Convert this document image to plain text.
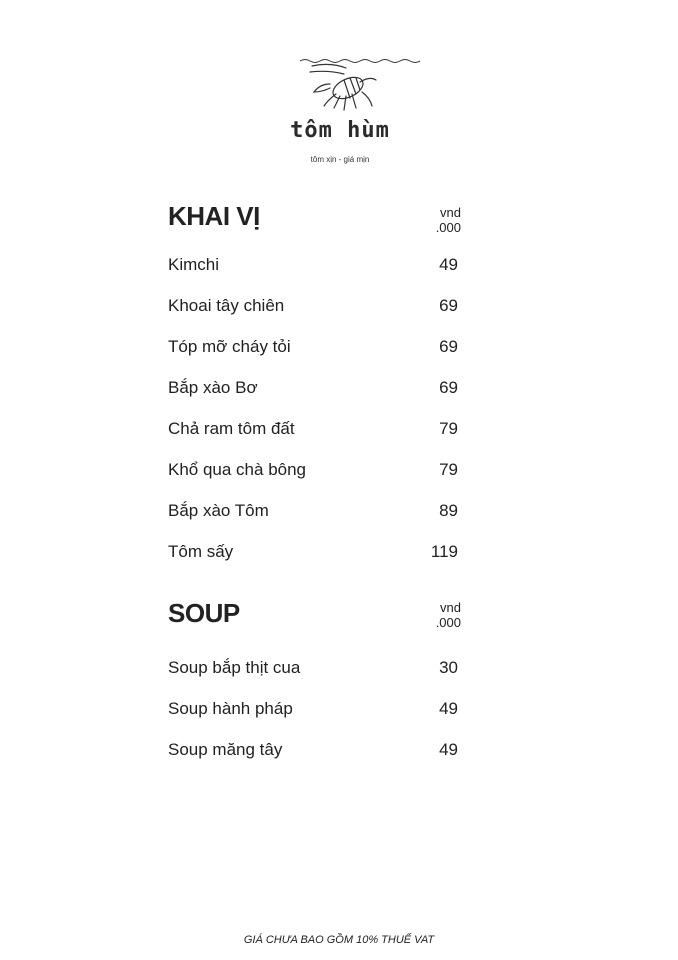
tôm hùm
tôm xịn - giá mịn
KHAI VỊ	vnd
.000
Kimchi	49
Khoai tây chiên	69
Tóp mỡ cháy tỏi	69
Bắp xào Bơ	69
Chả ram tôm đất	79
Khổ qua chà bông	79
Bắp xào Tôm	89
Tôm sấy	119
SOUP	vnd
.000
Soup bắp thịt cua	30
Soup hành pháp	49
Soup măng tây	49
GIÁ CHƯA BAO GỒM 10% THUẾ VAT
